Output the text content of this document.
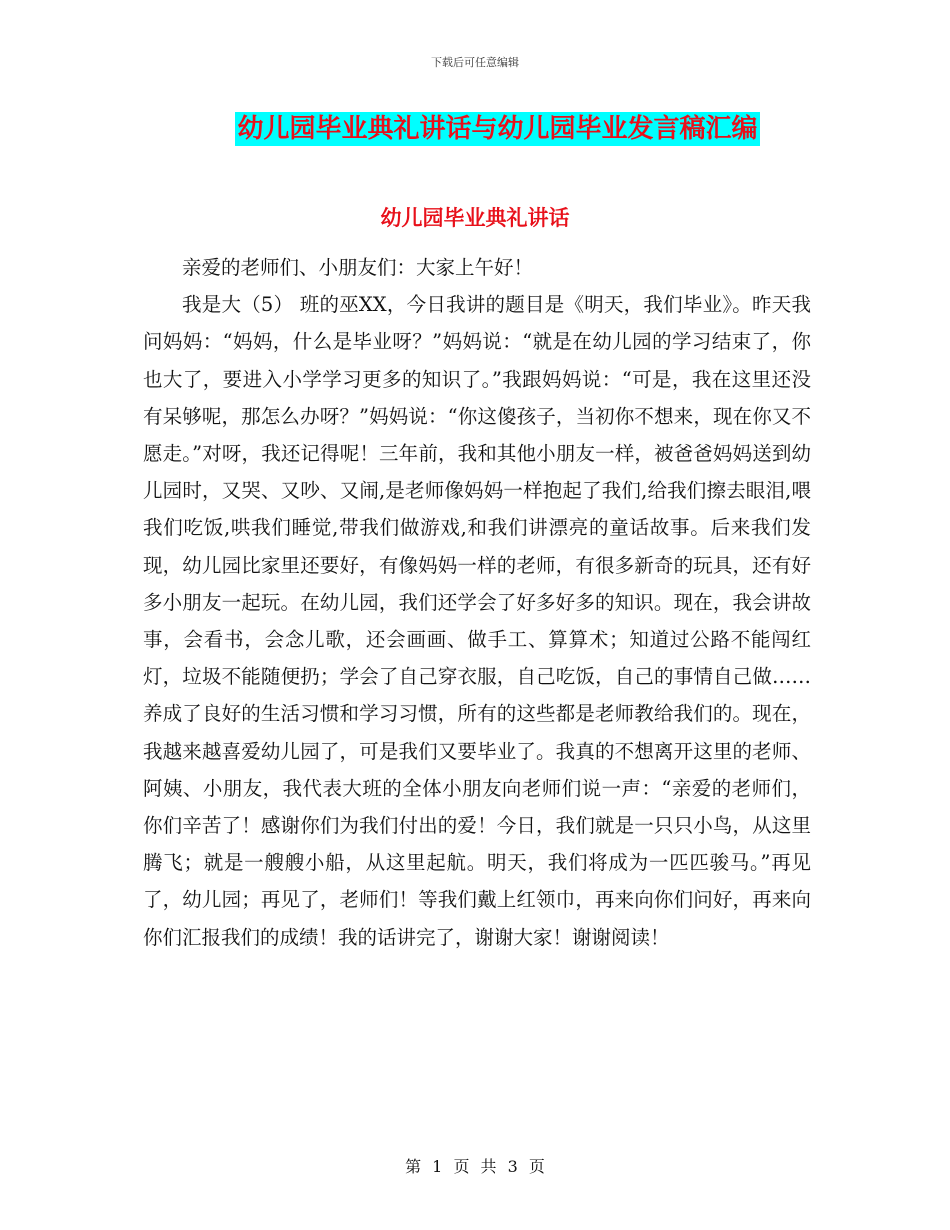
下载后可任意编辑
幼儿园毕业典礼讲话与幼儿园毕业发言稿汇编
幼儿园毕业典礼讲话

亲爱的老师们、小朋友们：大家上午好！

我是大（5） 班的巫XX，今日我讲的题目是《明天，我们毕业》。昨天我问妈妈：“妈妈，什么是毕业呀？”妈妈说：“就是在幼儿园的学习结束了，你也大了，要进入小学学习更多的知识了。”我跟妈妈说：“可是，我在这里还没有呆够呢，那怎么办呀？”妈妈说：“你这傻孩子，当初你不想来，现在你又不愿走。”对呀，我还记得呢！三年前，我和其他小朋友一样，被爸爸妈妈送到幼儿园时，又哭、又吵、又闹,是老师像妈妈一样抱起了我们,给我们擦去眼泪,喂我们吃饭,哄我们睡觉,带我们做游戏,和我们讲漂亮的童话故事。后来我们发现，幼儿园比家里还要好，有像妈妈一样的老师，有很多新奇的玩具，还有好多小朋友一起玩。在幼儿园，我们还学会了好多好多的知识。现在，我会讲故事，会看书，会念儿歌，还会画画、做手工、算算术；知道过公路不能闯红灯，垃圾不能随便扔；学会了自己穿衣服，自己吃饭，自己的事情自己做……养成了良好的生活习惯和学习习惯，所有的这些都是老师教给我们的。现在，我越来越喜爱幼儿园了，可是我们又要毕业了。我真的不想离开这里的老师、阿姨、小朋友，我代表大班的全体小朋友向老师们说一声：“亲爱的老师们，你们辛苦了！感谢你们为我们付出的爱！今日，我们就是一只只小鸟，从这里腾飞；就是一艘艘小船，从这里起航。明天，我们将成为一匹匹骏马。”再见了，幼儿园；再见了，老师们！等我们戴上红领巾，再来向你们问好，再来向你们汇报我们的成绩！我的话讲完了，谢谢大家！谢谢阅读！

第 1 页 共 3 页
